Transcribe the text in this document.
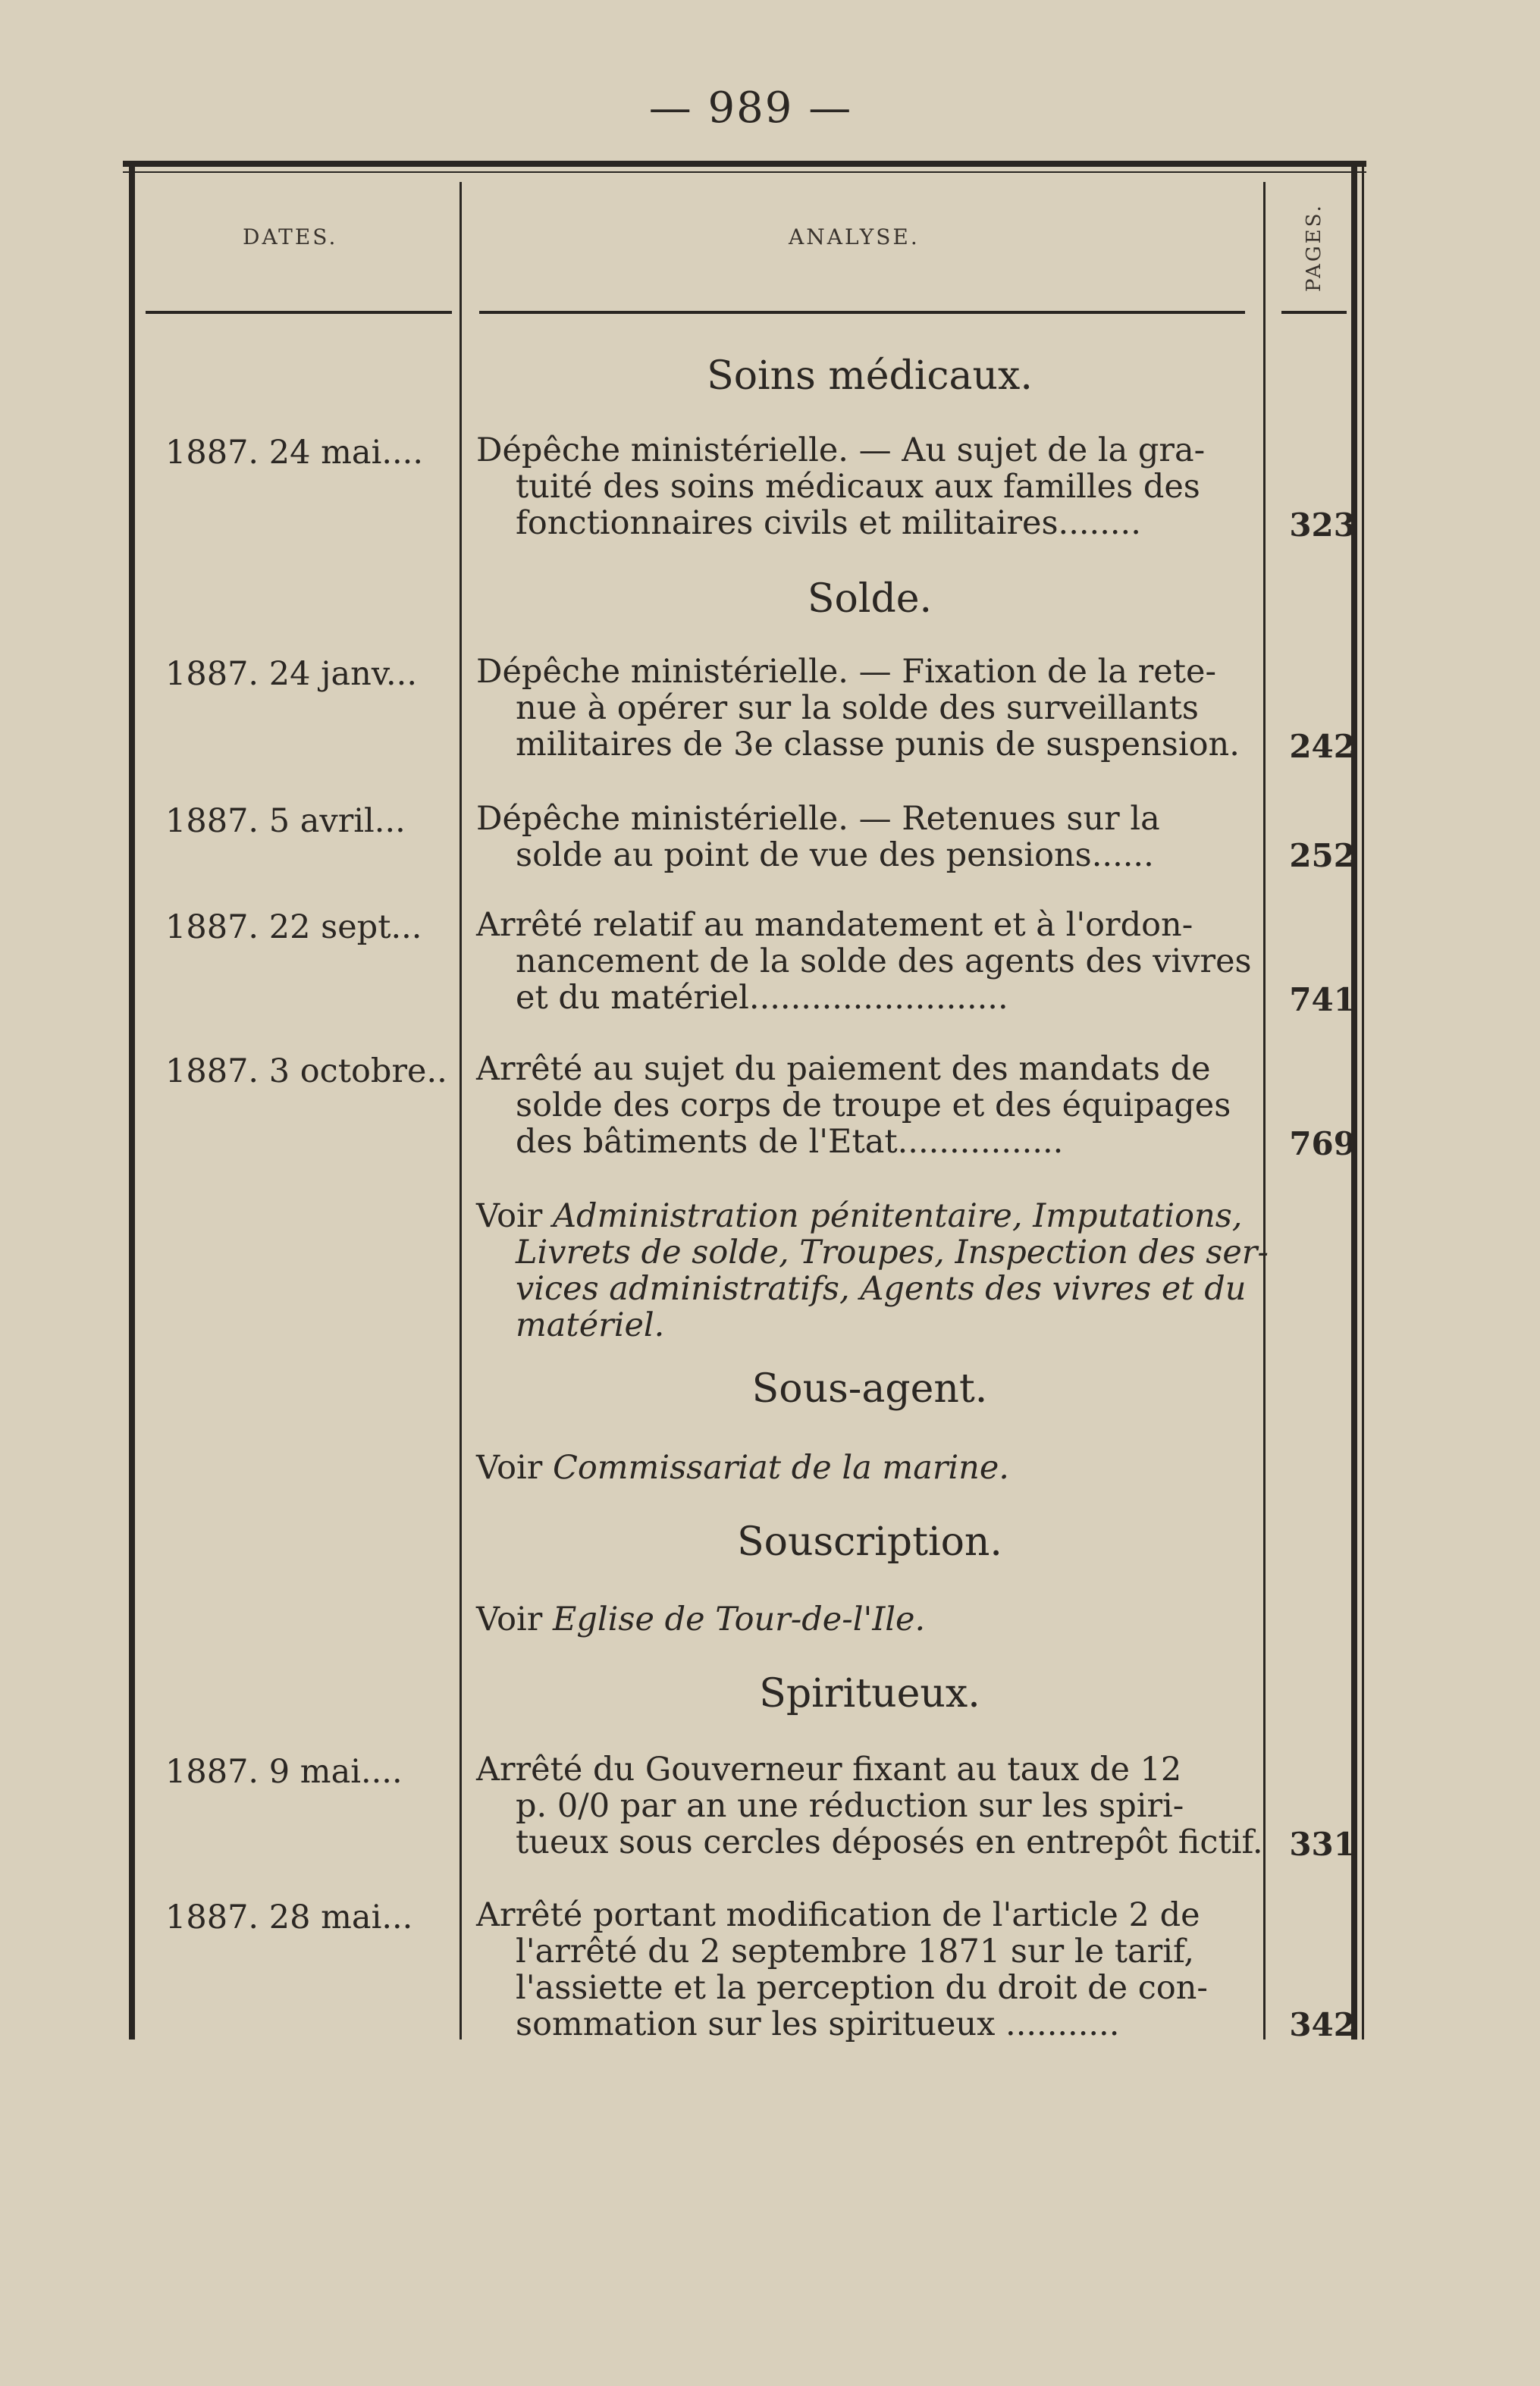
— 989 —
DATES.	ANALYSE.	PAGES.
Soins médicaux.
1887. 24 mai....	Dépêche ministérielle. — Au sujet de la gra-
tuité des soins médicaux aux familles des
fonctionnaires civils et militaires........	323
Solde.
1887. 24 janv...	Dépêche ministérielle. — Fixation de la rete-
nue à opérer sur la solde des surveillants
militaires de 3e classe punis de suspension.	242
1887. 5 avril...	Dépêche ministérielle. — Retenues sur la
solde au point de vue des pensions......	252
1887. 22 sept...	Arrêté relatif au mandatement et à l'ordon-
nancement de la solde des agents des vivres
et du matériel.........................	741
1887. 3 octobre.. Arrêté au sujet du paiement des mandats de
solde des corps de troupe et des équipages
des bâtiments de l'Etat................	769
Voir Administration pénitentaire, Imputations,
Livrets de solde, Troupes, Inspection des ser-
vices administratifs, Agents des vivres et du
matériel.
Sous-agent.
Voir Commissariat de la marine.
Souscription.
Voir Eglise de Tour-de-l'Ile.
Spiritueux.
1887. 9 mai....	Arrêté du Gouverneur fixant au taux de 12
p. 0/0 par an une réduction sur les spiri-
tueux sous cercles déposés en entrepôt fictif. 331
1887. 28 mai...	Arrêté portant modification de l'article 2 de
l'arrêté du 2 septembre 1871 sur le tarif,
l'assiette et la perception du droit de con-
sommation sur les spiritueux ...........	342
